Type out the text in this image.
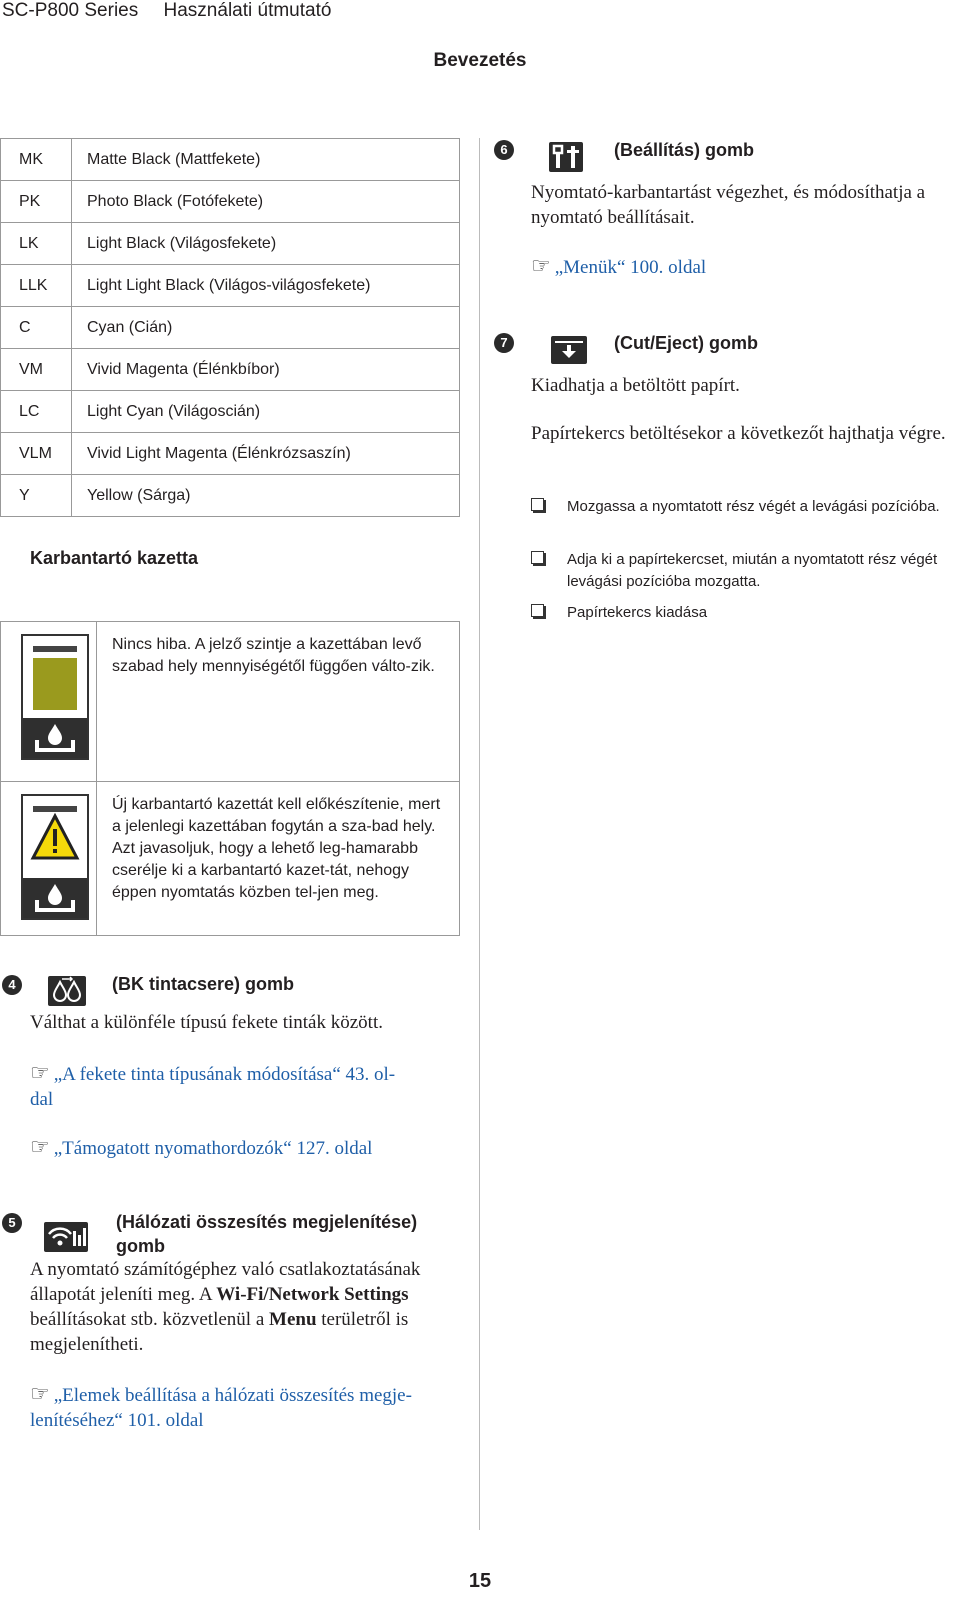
SC-P800 Series Használati útmutató
Bevezetés
MK	Matte Black (Mattfekete)
PK	Photo Black (Fotófekete)
LK	Light Black (Világosfekete)
LLK	Light Light Black (Világos-világosfekete)
C	Cyan (Cián)
VM	Vivid Magenta (Élénkbíbor)
LC	Light Cyan (Világoscián)
VLM	Vivid Light Magenta (Élénkrózsaszín)
Y	Yellow (Sárga)
Karbantartó kazetta
	Nincs hiba. A jelző szintje a kazettában levő szabad hely mennyiségétől függően válto-zik.

	Új karbantartó kazettát kell előkészítenie, mert a jelenlegi kazettában fogytán a sza-bad hely. Azt javasoljuk, hogy a lehető leg-hamarabb cserélje ki a karbantartó kazet-tát, nehogy éppen nyomtatás közben tel-jen meg.
4	(BK tintacsere) gomb
Válthat a különféle típusú fekete tinták között.
☞ „A fekete tinta típusának módosítása“ 43. ol-
dal
☞ „Támogatott nyomathordozók“ 127. oldal
5	(Hálózati összesítés megjelenítése)
gomb
A nyomtató számítógéphez való csatlakoztatásának állapotát jeleníti meg. A Wi-Fi/Network Settings beállításokat stb. közvetlenül a Menu területről is megjelenítheti.
☞ „Elemek beállítása a hálózati összesítés megje-
lenítéséhez“ 101. oldal
6	(Beállítás) gomb
Nyomtató-karbantartást végezhet, és módosíthatja a nyomtató beállításait.
☞ „Menük“ 100. oldal
7	(Cut/Eject) gomb
Kiadhatja a betöltött papírt.
Papírtekercs betöltésekor a következőt hajthatja végre.
Mozgassa a nyomtatott rész végét a levágási pozícióba.
Adja ki a papírtekercset, miután a nyomtatott rész végét levágási pozícióba mozgatta.
Papírtekercs kiadása
15
